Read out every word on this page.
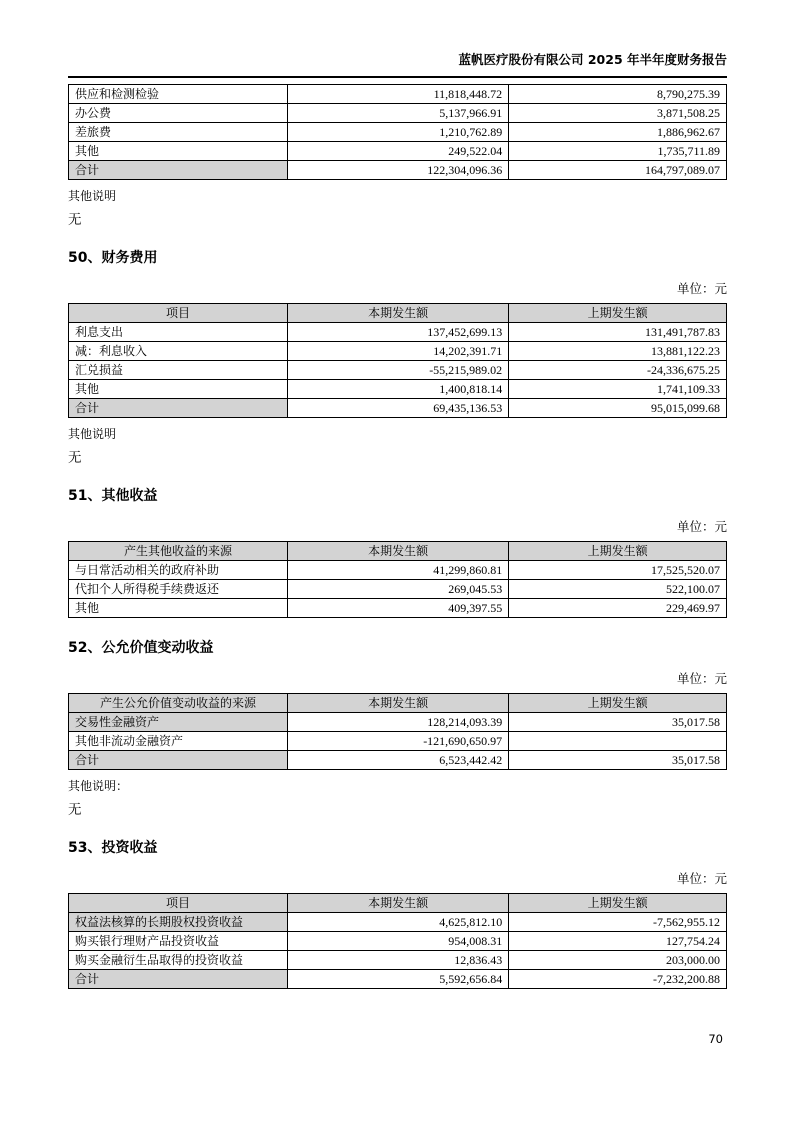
蓝帆医疗股份有限公司 2025 年半年度财务报告
供应和检测检验	11,818,448.72	8,790,275.39
办公费	5,137,966.91	3,871,508.25
差旅费	1,210,762.89	1,886,962.67
其他	249,522.04	1,735,711.89
合计	122,304,096.36	164,797,089.07
其他说明
无
50、财务费用
单位：元
项目	本期发生额	上期发生额
利息支出	137,452,699.13	131,491,787.83
减：利息收入	14,202,391.71	13,881,122.23
汇兑损益	-55,215,989.02	-24,336,675.25
其他	1,400,818.14	1,741,109.33
合计	69,435,136.53	95,015,099.68
其他说明
无
51、其他收益
单位：元
产生其他收益的来源	本期发生额	上期发生额
与日常活动相关的政府补助	41,299,860.81	17,525,520.07
代扣个人所得税手续费返还	269,045.53	522,100.07
其他	409,397.55	229,469.97
52、公允价值变动收益
单位：元
产生公允价值变动收益的来源	本期发生额	上期发生额
交易性金融资产	128,214,093.39	35,017.58
其他非流动金融资产	-121,690,650.97	
合计	6,523,442.42	35,017.58
其他说明：
无
53、投资收益
单位：元
项目	本期发生额	上期发生额
权益法核算的长期股权投资收益	4,625,812.10	-7,562,955.12
购买银行理财产品投资收益	954,008.31	127,754.24
购买金融衍生品取得的投资收益	12,836.43	203,000.00
合计	5,592,656.84	-7,232,200.88
70
